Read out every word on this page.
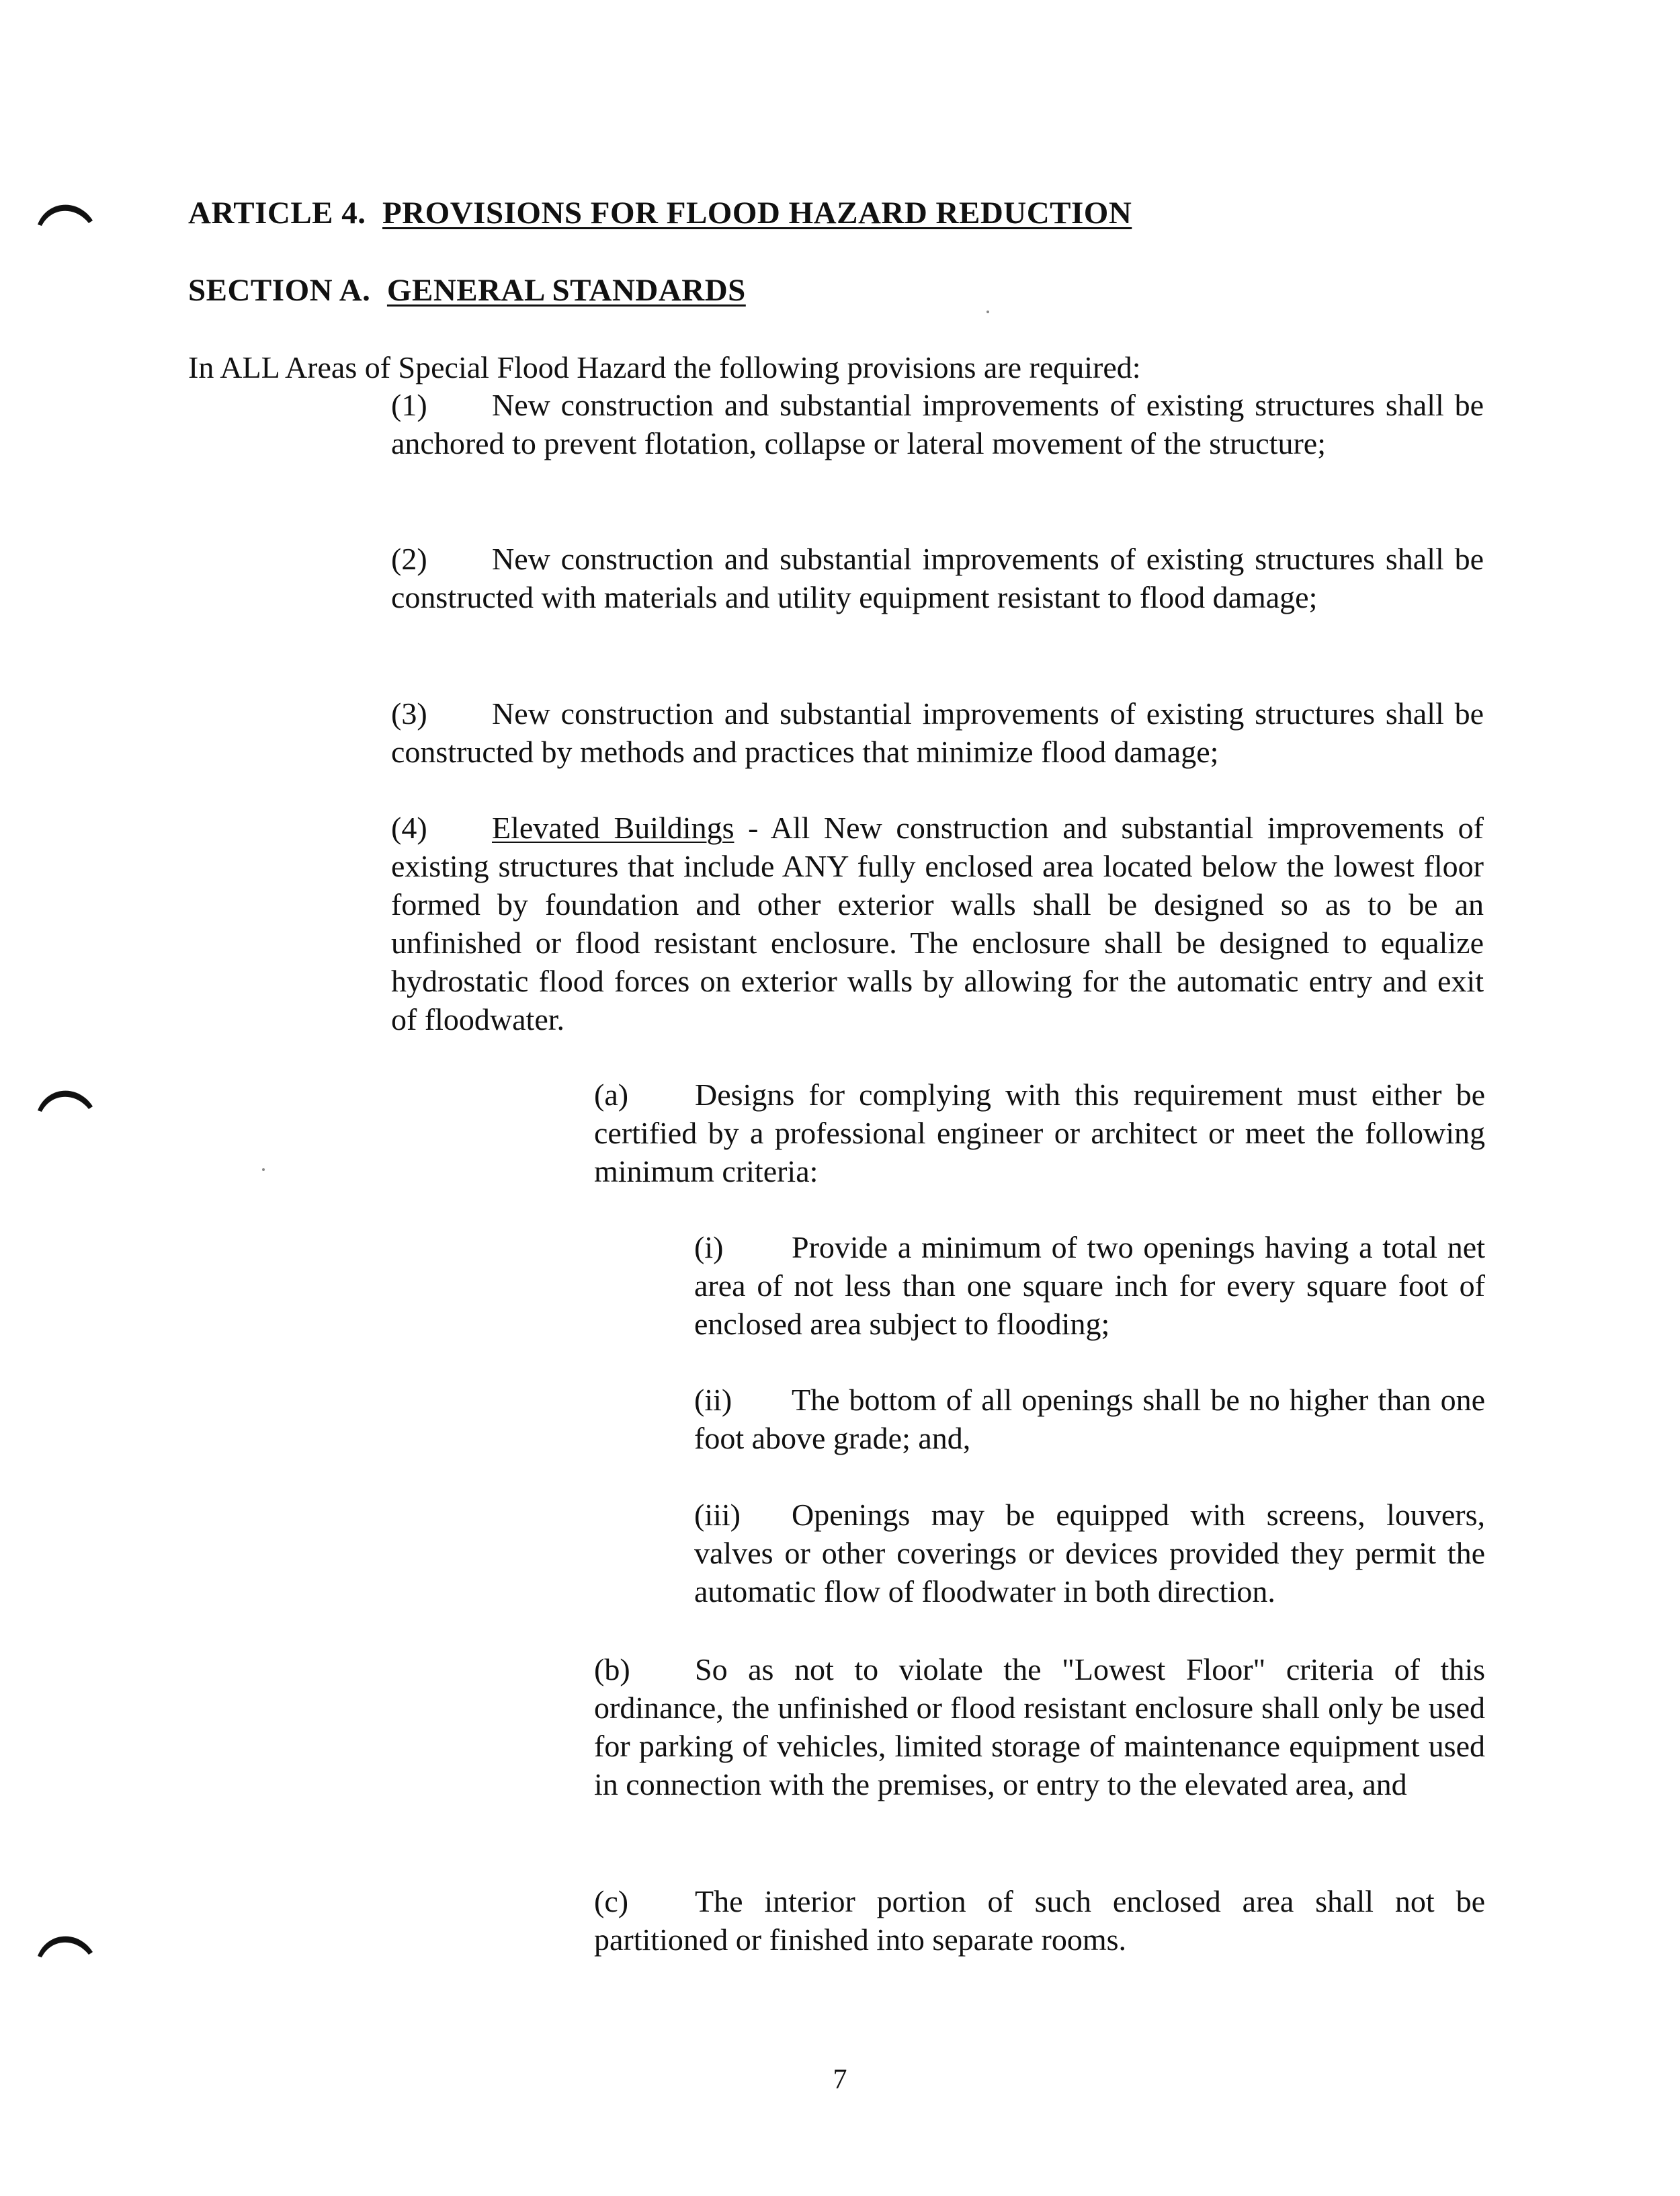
ARTICLE 4. PROVISIONS FOR FLOOD HAZARD REDUCTION
SECTION A. GENERAL STANDARDS
In ALL Areas of Special Flood Hazard the following provisions are required:

(1) New construction and substantial improvements of existing structures shall be anchored to prevent flotation, collapse or lateral movement of the structure;

(2) New construction and substantial improvements of existing structures shall be constructed with materials and utility equipment resistant to flood damage;

(3) New construction and substantial improvements of existing structures shall be constructed by methods and practices that minimize flood damage;

(4) Elevated Buildings - All New construction and substantial improvements of existing structures that include ANY fully enclosed area located below the lowest floor formed by foundation and other exterior walls shall be designed so as to be an unfinished or flood resistant enclosure. The enclosure shall be designed to equalize hydrostatic flood forces on exterior walls by allowing for the automatic entry and exit of floodwater.

(a) Designs for complying with this requirement must either be certified by a professional engineer or architect or meet the following minimum criteria:

(i) Provide a minimum of two openings having a total net area of not less than one square inch for every square foot of enclosed area subject to flooding;

(ii) The bottom of all openings shall be no higher than one foot above grade; and,

(iii) Openings may be equipped with screens, louvers, valves or other coverings or devices provided they permit the automatic flow of floodwater in both direction.

(b) So as not to violate the "Lowest Floor" criteria of this ordinance, the unfinished or flood resistant enclosure shall only be used for parking of vehicles, limited storage of maintenance equipment used in connection with the premises, or entry to the elevated area, and

(c) The interior portion of such enclosed area shall not be partitioned or finished into separate rooms.

7
